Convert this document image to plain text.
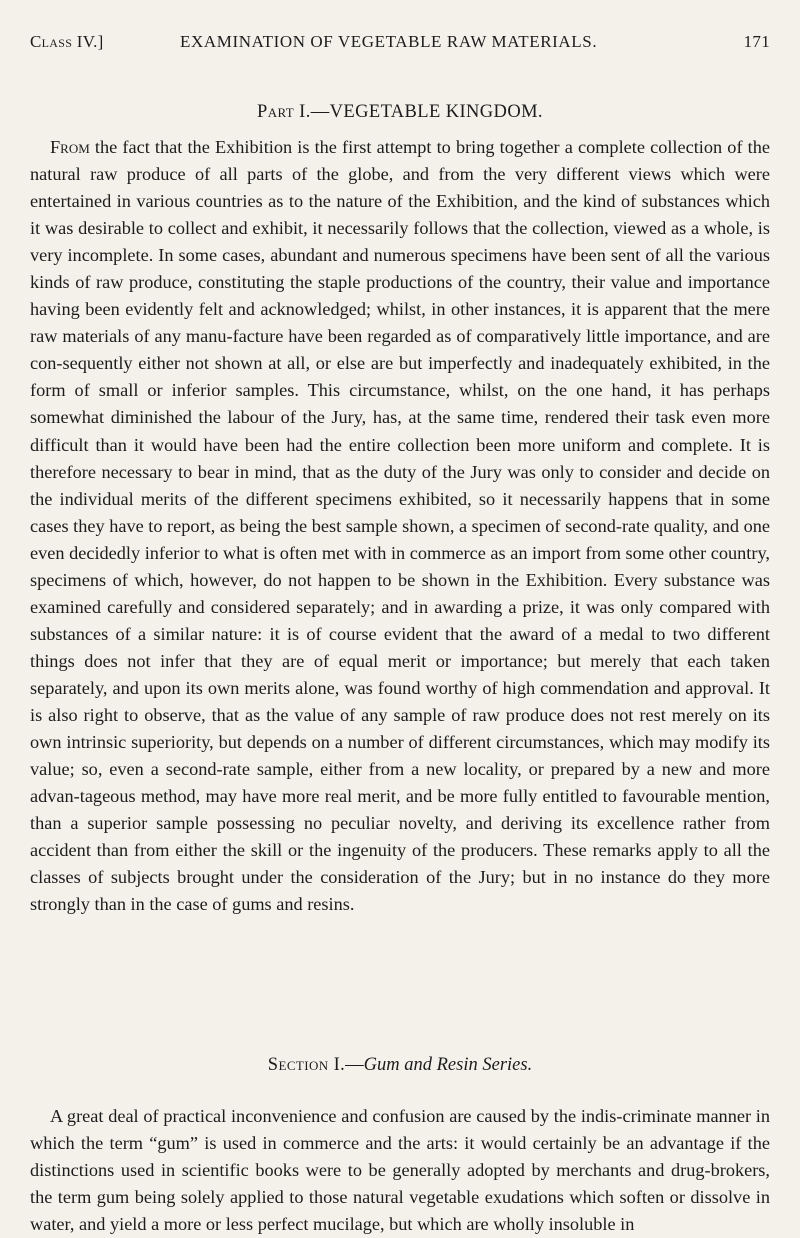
Class IV.]	EXAMINATION OF VEGETABLE RAW MATERIALS.	171
Part I.—VEGETABLE KINGDOM.

From the fact that the Exhibition is the first attempt to bring together a complete collection of the natural raw produce of all parts of the globe, and from the very different views which were entertained in various countries as to the nature of the Exhibition, and the kind of substances which it was desirable to collect and exhibit, it necessarily follows that the collection, viewed as a whole, is very incomplete. In some cases, abundant and numerous specimens have been sent of all the various kinds of raw produce, constituting the staple productions of the country, their value and importance having been evidently felt and acknowledged; whilst, in other instances, it is apparent that the mere raw materials of any manu-facture have been regarded as of comparatively little importance, and are con-sequently either not shown at all, or else are but imperfectly and inadequately exhibited, in the form of small or inferior samples. This circumstance, whilst, on the one hand, it has perhaps somewhat diminished the labour of the Jury, has, at the same time, rendered their task even more difficult than it would have been had the entire collection been more uniform and complete. It is therefore necessary to bear in mind, that as the duty of the Jury was only to consider and decide on the individual merits of the different specimens exhibited, so it necessarily happens that in some cases they have to report, as being the best sample shown, a specimen of second-rate quality, and one even decidedly inferior to what is often met with in commerce as an import from some other country, specimens of which, however, do not happen to be shown in the Exhibition. Every substance was examined carefully and considered separately; and in awarding a prize, it was only compared with substances of a similar nature: it is of course evident that the award of a medal to two different things does not infer that they are of equal merit or importance; but merely that each taken separately, and upon its own merits alone, was found worthy of high commendation and approval. It is also right to observe, that as the value of any sample of raw produce does not rest merely on its own intrinsic superiority, but depends on a number of different circumstances, which may modify its value; so, even a second-rate sample, either from a new locality, or prepared by a new and more advan-tageous method, may have more real merit, and be more fully entitled to favourable mention, than a superior sample possessing no peculiar novelty, and deriving its excellence rather from accident than from either the skill or the ingenuity of the producers. These remarks apply to all the classes of subjects brought under the consideration of the Jury; but in no instance do they more strongly than in the case of gums and resins.

Section I.—Gum and Resin Series.

A great deal of practical inconvenience and confusion are caused by the indis-criminate manner in which the term “gum” is used in commerce and the arts: it would certainly be an advantage if the distinctions used in scientific books were to be generally adopted by merchants and drug-brokers, the term gum being solely applied to those natural vegetable exudations which soften or dissolve in water, and yield a more or less perfect mucilage, but which are wholly insoluble in
